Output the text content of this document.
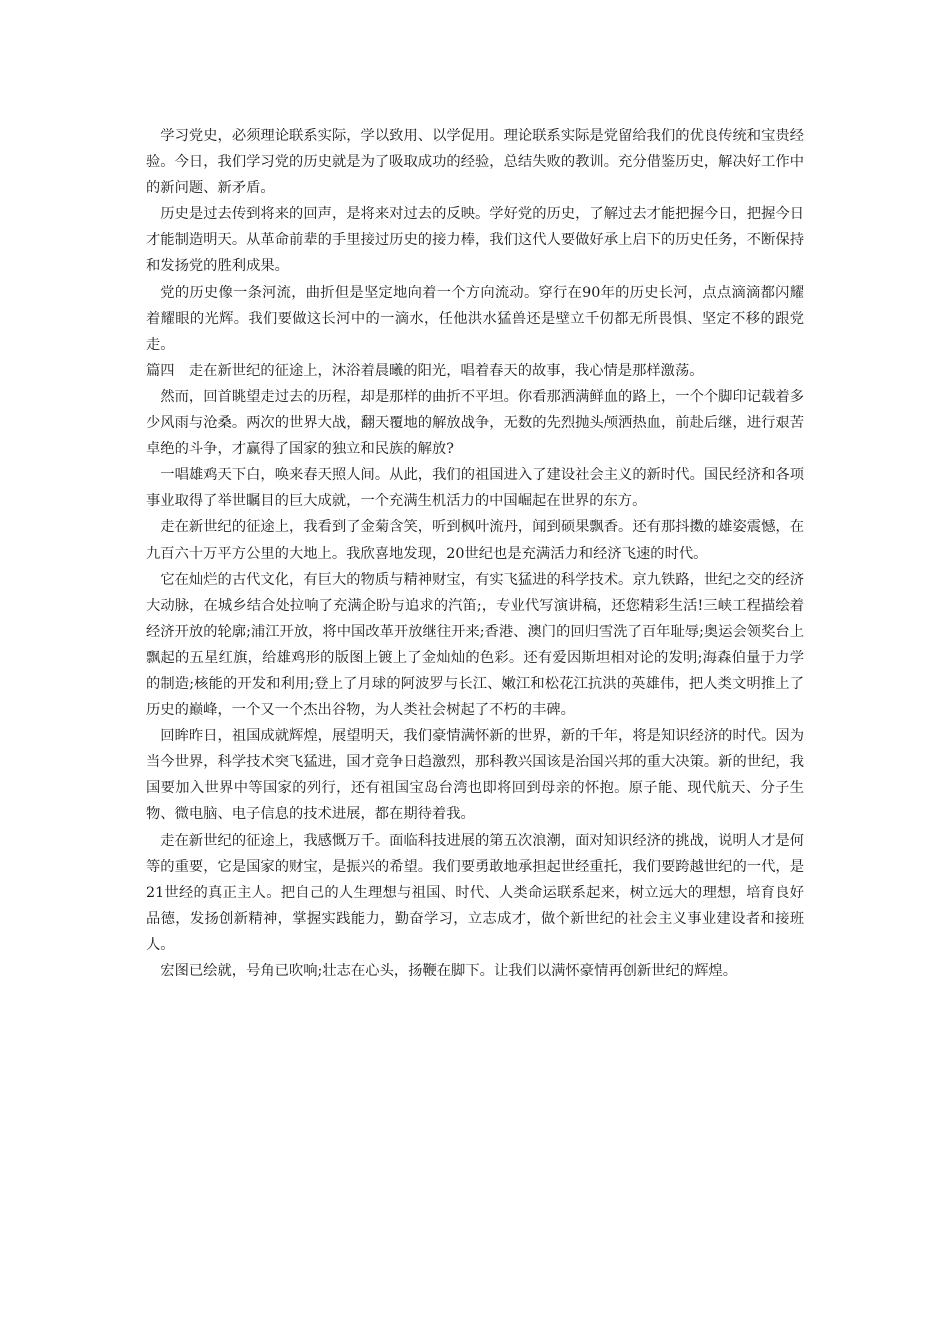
学习党史，必须理论联系实际，学以致用、以学促用。理论联系实际是党留给我们的优良传统和宝贵经验。今日，我们学习党的历史就是为了吸取成功的经验，总结失败的教训。充分借鉴历史，解决好工作中的新问题、新矛盾。

历史是过去传到将来的回声，是将来对过去的反映。学好党的历史，了解过去才能把握今日，把握今日才能制造明天。从革命前辈的手里接过历史的接力棒，我们这代人要做好承上启下的历史任务，不断保持和发扬党的胜利成果。

党的历史像一条河流，曲折但是坚定地向着一个方向流动。穿行在90年的历史长河，点点滴滴都闪耀着耀眼的光辉。我们要做这长河中的一滴水，任他洪水猛兽还是壁立千仞都无所畏惧、坚定不移的跟党走。

篇四　走在新世纪的征途上，沐浴着晨曦的阳光，唱着春天的故事，我心情是那样激荡。

然而，回首眺望走过去的历程，却是那样的曲折不平坦。你看那洒满鲜血的路上，一个个脚印记载着多少风雨与沧桑。两次的世界大战，翻天覆地的解放战争，无数的先烈抛头颅洒热血，前赴后继，进行艰苦卓绝的斗争，才赢得了国家的独立和民族的解放?

一唱雄鸡天下白，唤来春天照人间。从此，我们的祖国进入了建设社会主义的新时代。国民经济和各项事业取得了举世瞩目的巨大成就，一个充满生机活力的中国崛起在世界的东方。

走在新世纪的征途上，我看到了金菊含笑，听到枫叶流丹，闻到硕果飘香。还有那抖擞的雄姿震憾，在九百六十万平方公里的大地上。我欣喜地发现，20世纪也是充满活力和经济飞速的时代。

它在灿烂的古代文化，有巨大的物质与精神财宝，有实飞猛进的科学技术。京九铁路，世纪之交的经济大动脉，在城乡结合处拉响了充满企盼与追求的汽笛;，专业代写演讲稿，还您精彩生活!三峡工程描绘着经济开放的轮廓;浦江开放，将中国改革开放继往开来;香港、澳门的回归雪洗了百年耻辱;奥运会领奖台上飘起的五星红旗，给雄鸡形的版图上镀上了金灿灿的色彩。还有爱因斯坦相对论的发明;海森伯量于力学的制造;核能的开发和利用;登上了月球的阿波罗与长江、嫩江和松花江抗洪的英雄伟，把人类文明推上了历史的巅峰，一个又一个杰出谷物，为人类社会树起了不朽的丰碑。

回眸昨日，祖国成就辉煌，展望明天，我们豪情满怀新的世界，新的千年，将是知识经济的时代。因为当今世界，科学技术突飞猛进，国才竞争日趋激烈，那科教兴国该是治国兴邦的重大决策。新的世纪，我国要加入世界中等国家的列行，还有祖国宝岛台湾也即将回到母亲的怀抱。原子能、现代航天、分子生物、微电脑、电子信息的技术进展，都在期待着我。

走在新世纪的征途上，我感慨万千。面临科技进展的第五次浪潮，面对知识经济的挑战，说明人才是何等的重要，它是国家的财宝，是振兴的希望。我们要勇敢地承担起世经重托，我们要跨越世纪的一代，是21世经的真正主人。把自己的人生理想与祖国、时代、人类命运联系起来，树立远大的理想，培育良好品德，发扬创新精神，掌握实践能力，勤奋学习，立志成才，做个新世纪的社会主义事业建设者和接班人。

宏图已绘就，号角已吹响;壮志在心头，扬鞭在脚下。让我们以满怀豪情再创新世纪的辉煌。
